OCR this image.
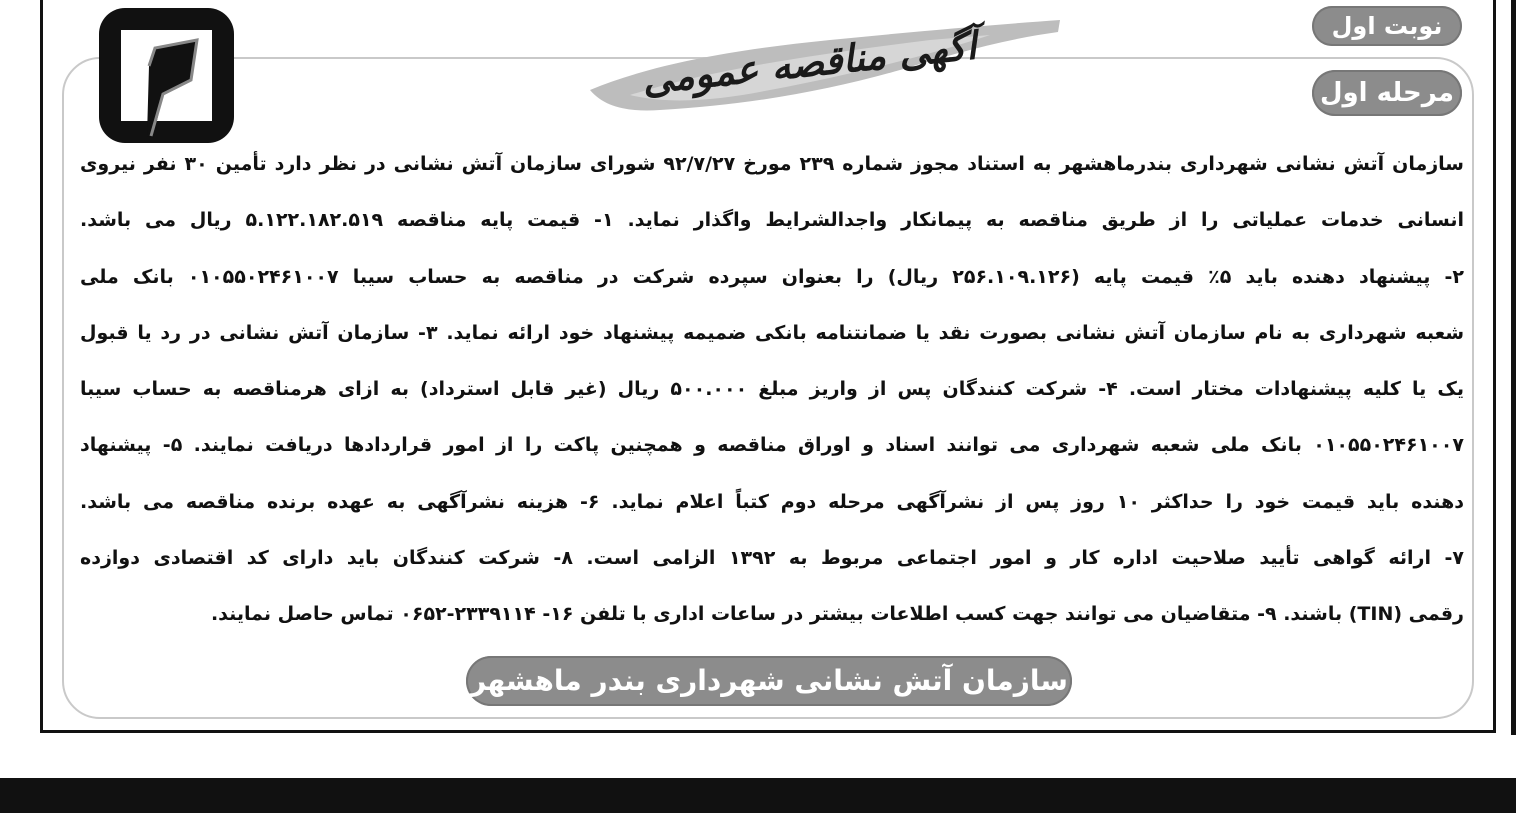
آگهی مناقصه عمومی	نوبت اول
مرحله اول
سازمان آتش نشانی شهرداری بندرماهشهر به استناد مجوز شماره ۲۳۹ مورخ ۹۲/۷/۲۷ شورای سازمان آتش نشانی در نظر دارد تأمین ۳۰ نفر نیروی
انسانی خدمات عملیاتی را از طریق مناقصه به پیمانکار واجدالشرایط واگذار نماید. ۱- قیمت پایه مناقصه ۵.۱۲۲.۱۸۲.۵۱۹ ریال می باشد.
۲- پیشنهاد دهنده باید ۵٪ قیمت پایه (۲۵۶.۱۰۹.۱۲۶ ریال) را بعنوان سپرده شرکت در مناقصه به حساب سیبا ۰۱۰۵۵۰۲۴۶۱۰۰۷ بانک ملی
شعبه شهرداری به نام سازمان آتش نشانی بصورت نقد یا ضمانتنامه بانکی ضمیمه پیشنهاد خود ارائه نماید. ۳- سازمان آتش نشانی در رد یا قبول
یک یا کلیه پیشنهادات مختار است. ۴- شرکت کنندگان پس از واریز مبلغ ۵۰۰.۰۰۰ ریال (غیر قابل استرداد) به ازای هرمناقصه به حساب سیبا
۰۱۰۵۵۰۲۴۶۱۰۰۷ بانک ملی شعبه شهرداری می توانند اسناد و اوراق مناقصه و همچنین پاکت را از امور قراردادها دریافت نمایند. ۵- پیشنهاد
دهنده باید قیمت خود را حداکثر ۱۰ روز پس از نشرآگهی مرحله دوم کتباً اعلام نماید. ۶- هزینه نشرآگهی به عهده برنده مناقصه می باشد.
۷- ارائه گواهی تأیید صلاحیت اداره کار و امور اجتماعی مربوط به ۱۳۹۲ الزامی است. ۸- شرکت کنندگان باید دارای کد اقتصادی دوازده
رقمی (TIN) باشند. ۹- متقاضیان می توانند جهت کسب اطلاعات بیشتر در ساعات اداری با تلفن ۱۶- ۲۳۳۹۱۱۴-۰۶۵۲ تماس حاصل نمایند.
سازمان آتش نشانی شهرداری بندر ماهشهر
